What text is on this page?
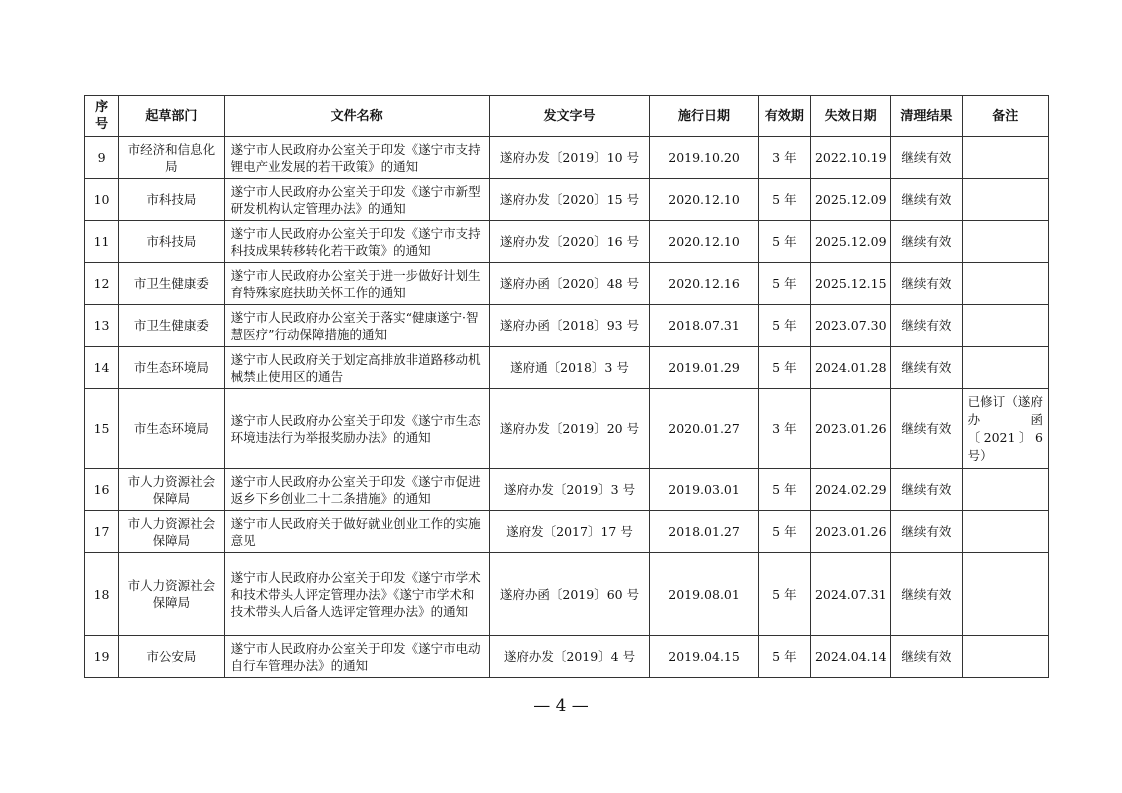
序号	起草部门	文件名称	发文字号	施行日期	有效期	失效日期	清理结果	备注
9	市经济和信息化局	遂宁市人民政府办公室关于印发《遂宁市支持锂电产业发展的若干政策》的通知	遂府办发〔2019〕10 号	2019.10.20	3 年	2022.10.19	继续有效	
10	市科技局	遂宁市人民政府办公室关于印发《遂宁市新型研发机构认定管理办法》的通知	遂府办发〔2020〕15 号	2020.12.10	5 年	2025.12.09	继续有效	
11	市科技局	遂宁市人民政府办公室关于印发《遂宁市支持科技成果转移转化若干政策》的通知	遂府办发〔2020〕16 号	2020.12.10	5 年	2025.12.09	继续有效	
12	市卫生健康委	遂宁市人民政府办公室关于进一步做好计划生育特殊家庭扶助关怀工作的通知	遂府办函〔2020〕48 号	2020.12.16	5 年	2025.12.15	继续有效	
13	市卫生健康委	遂宁市人民政府办公室关于落实“健康遂宁·智慧医疗”行动保障措施的通知	遂府办函〔2018〕93 号	2018.07.31	5 年	2023.07.30	继续有效	
14	市生态环境局	遂宁市人民政府关于划定高排放非道路移动机械禁止使用区的通告	遂府通〔2018〕3 号	2019.01.29	5 年	2024.01.28	继续有效	
15	市生态环境局	遂宁市人民政府办公室关于印发《遂宁市生态环境违法行为举报奖励办法》的通知	遂府办发〔2019〕20 号	2020.01.27	3 年	2023.01.26	继续有效	已修订（遂府办函〔2021〕6 号）
16	市人力资源社会保障局	遂宁市人民政府办公室关于印发《遂宁市促进返乡下乡创业二十二条措施》的通知	遂府办发〔2019〕3 号	2019.03.01	5 年	2024.02.29	继续有效	
17	市人力资源社会保障局	遂宁市人民政府关于做好就业创业工作的实施意见	遂府发〔2017〕17 号	2018.01.27	5 年	2023.01.26	继续有效	
18	市人力资源社会保障局	遂宁市人民政府办公室关于印发《遂宁市学术和技术带头人评定管理办法》《遂宁市学术和技术带头人后备人选评定管理办法》的通知	遂府办函〔2019〕60 号	2019.08.01	5 年	2024.07.31	继续有效	
19	市公安局	遂宁市人民政府办公室关于印发《遂宁市电动自行车管理办法》的通知	遂府办发〔2019〕4 号	2019.04.15	5 年	2024.04.14	继续有效	
— 4 —
